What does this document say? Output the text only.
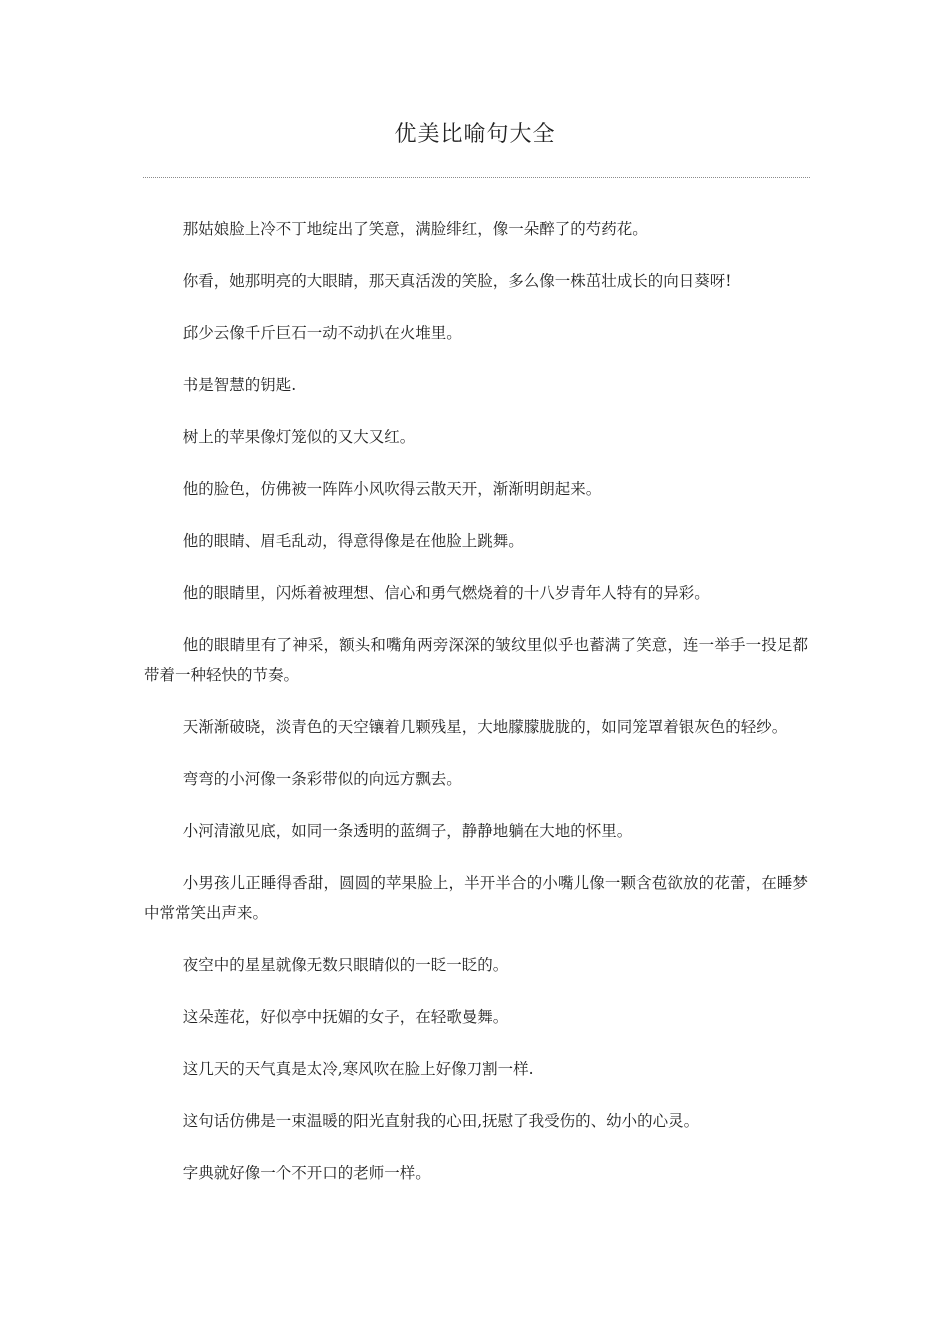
优美比喻句大全

那姑娘脸上冷不丁地绽出了笑意，满脸绯红，像一朵醉了的芍药花。

你看，她那明亮的大眼睛，那天真活泼的笑脸，多么像一株茁壮成长的向日葵呀!

邱少云像千斤巨石一动不动扒在火堆里。

书是智慧的钥匙.

树上的苹果像灯笼似的又大又红。

他的脸色，仿佛被一阵阵小风吹得云散天开，渐渐明朗起来。

他的眼睛、眉毛乱动，得意得像是在他脸上跳舞。

他的眼睛里，闪烁着被理想、信心和勇气燃烧着的十八岁青年人特有的异彩。

他的眼睛里有了神采，额头和嘴角两旁深深的皱纹里似乎也蓄满了笑意，连一举手一投足都带着一种轻快的节奏。

天渐渐破晓，淡青色的天空镶着几颗残星，大地朦朦胧胧的，如同笼罩着银灰色的轻纱。

弯弯的小河像一条彩带似的向远方飘去。

小河清澈见底，如同一条透明的蓝绸子，静静地躺在大地的怀里。

小男孩儿正睡得香甜，圆圆的苹果脸上，半开半合的小嘴儿像一颗含苞欲放的花蕾，在睡梦中常常笑出声来。

夜空中的星星就像无数只眼睛似的一眨一眨的。

这朵莲花，好似亭中抚媚的女子，在轻歌曼舞。

这几天的天气真是太冷,寒风吹在脸上好像刀割一样.

这句话仿佛是一束温暖的阳光直射我的心田,抚慰了我受伤的、幼小的心灵。

字典就好像一个不开口的老师一样。
